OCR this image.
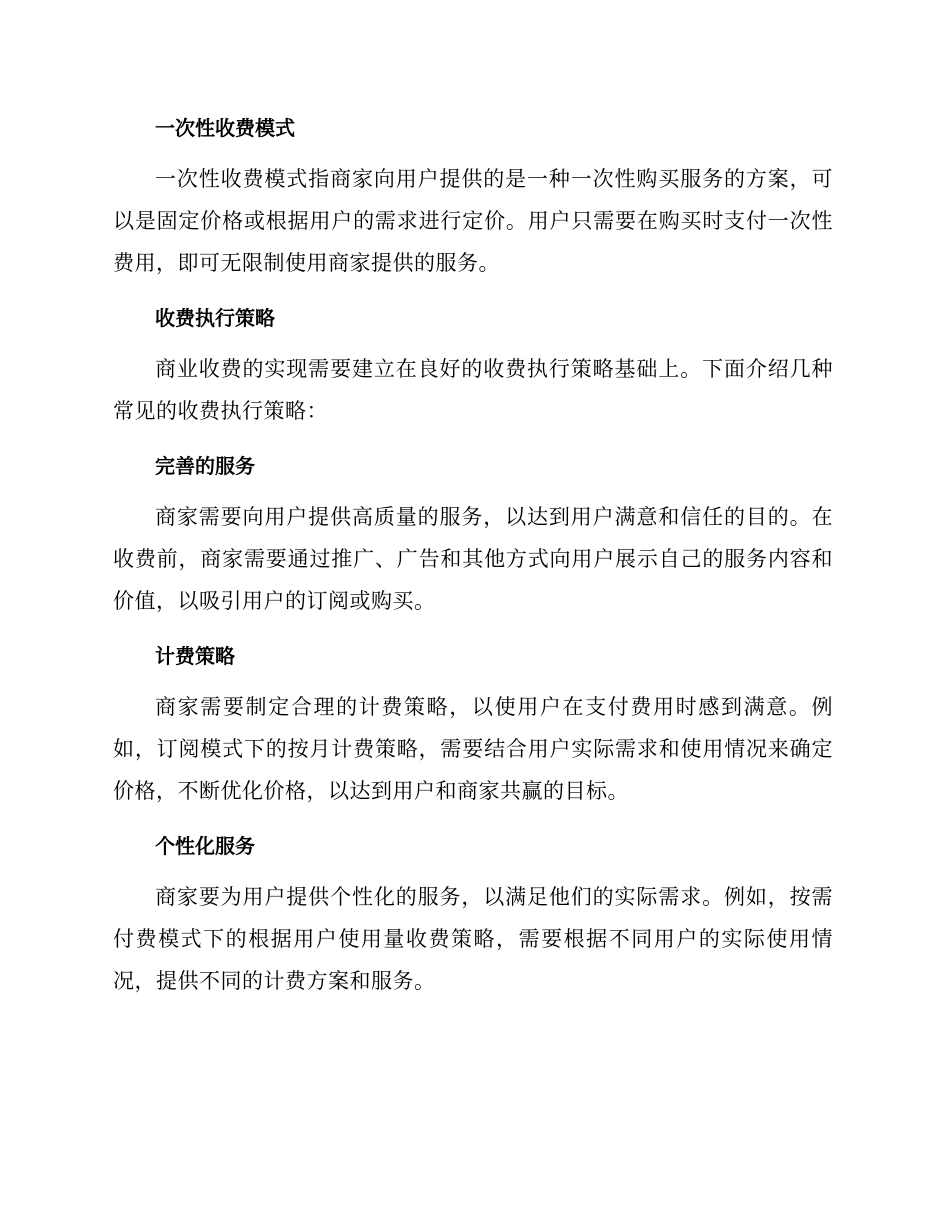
一次性收费模式

一次性收费模式指商家向用户提供的是一种一次性购买服务的方案，可以是固定价格或根据用户的需求进行定价。用户只需要在购买时支付一次性费用，即可无限制使用商家提供的服务。

收费执行策略

商业收费的实现需要建立在良好的收费执行策略基础上。下面介绍几种常见的收费执行策略：

完善的服务

商家需要向用户提供高质量的服务，以达到用户满意和信任的目的。在收费前，商家需要通过推广、广告和其他方式向用户展示自己的服务内容和价值，以吸引用户的订阅或购买。

计费策略

商家需要制定合理的计费策略，以使用户在支付费用时感到满意。例如，订阅模式下的按月计费策略，需要结合用户实际需求和使用情况来确定价格，不断优化价格，以达到用户和商家共赢的目标。

个性化服务

商家要为用户提供个性化的服务，以满足他们的实际需求。例如，按需付费模式下的根据用户使用量收费策略，需要根据不同用户的实际使用情况，提供不同的计费方案和服务。
